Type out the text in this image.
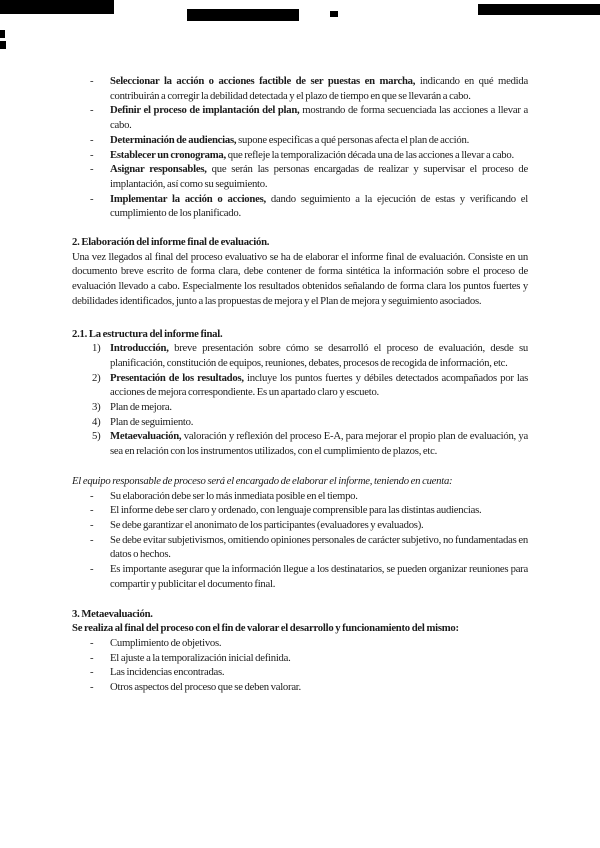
- Seleccionar la acción o acciones factible de ser puestas en marcha, indicando en qué medida contribuirán a corregir la debilidad detectada y el plazo de tiempo en que se llevarán a cabo.
- Definir el proceso de implantación del plan, mostrando de forma secuenciada las acciones a llevar a cabo.
- Determinación de audiencias, supone especificas a qué personas afecta el plan de acción.
- Establecer un cronograma, que refleje la temporalización década una de las acciones a llevar a cabo.
- Asignar responsables, que serán las personas encargadas de realizar y supervisar el proceso de implantación, así como su seguimiento.
- Implementar la acción o acciones, dando seguimiento a la ejecución de estas y verificando el cumplimiento de los planificado.
2. Elaboración del informe final de evaluación.

Una vez llegados al final del proceso evaluativo se ha de elaborar el informe final de evaluación. Consiste en un documento breve escrito de forma clara, debe contener de forma sintética la información sobre el proceso de evaluación llevado a cabo. Especialmente los resultados obtenidos señalando de forma clara los puntos fuertes y debilidades identificados, junto a las propuestas de mejora y el Plan de mejora y seguimiento asociados.

2.1. La estructura del informe final.
1) Introducción, breve presentación sobre cómo se desarrolló el proceso de evaluación, desde su planificación, constitución de equipos, reuniones, debates, procesos de recogida de información, etc.
2) Presentación de los resultados, incluye los puntos fuertes y débiles detectados acompañados por las acciones de mejora correspondiente. Es un apartado claro y escueto.
3) Plan de mejora.
4) Plan de seguimiento.
5) Metaevaluación, valoración y reflexión del proceso E-A, para mejorar el propio plan de evaluación, ya sea en relación con los instrumentos utilizados, con el cumplimiento de plazos, etc.

El equipo responsable de proceso será el encargado de elaborar el informe, teniendo en cuenta:

- Su elaboración debe ser lo más inmediata posible en el tiempo.
- El informe debe ser claro y ordenado, con lenguaje comprensible para las distintas audiencias.
- Se debe garantizar el anonimato de los participantes (evaluadores y evaluados).
- Se debe evitar subjetivismos, omitiendo opiniones personales de carácter subjetivo, no fundamentadas en datos o hechos.
- Es importante asegurar que la información llegue a los destinatarios, se pueden organizar reuniones para compartir y publicitar el documento final.
3. Metaevaluación.

Se realiza al final del proceso con el fin de valorar el desarrollo y funcionamiento del mismo:

- Cumplimiento de objetivos.
- El ajuste a la temporalización inicial definida.
- Las incidencias encontradas.
- Otros aspectos del proceso que se deben valorar.
